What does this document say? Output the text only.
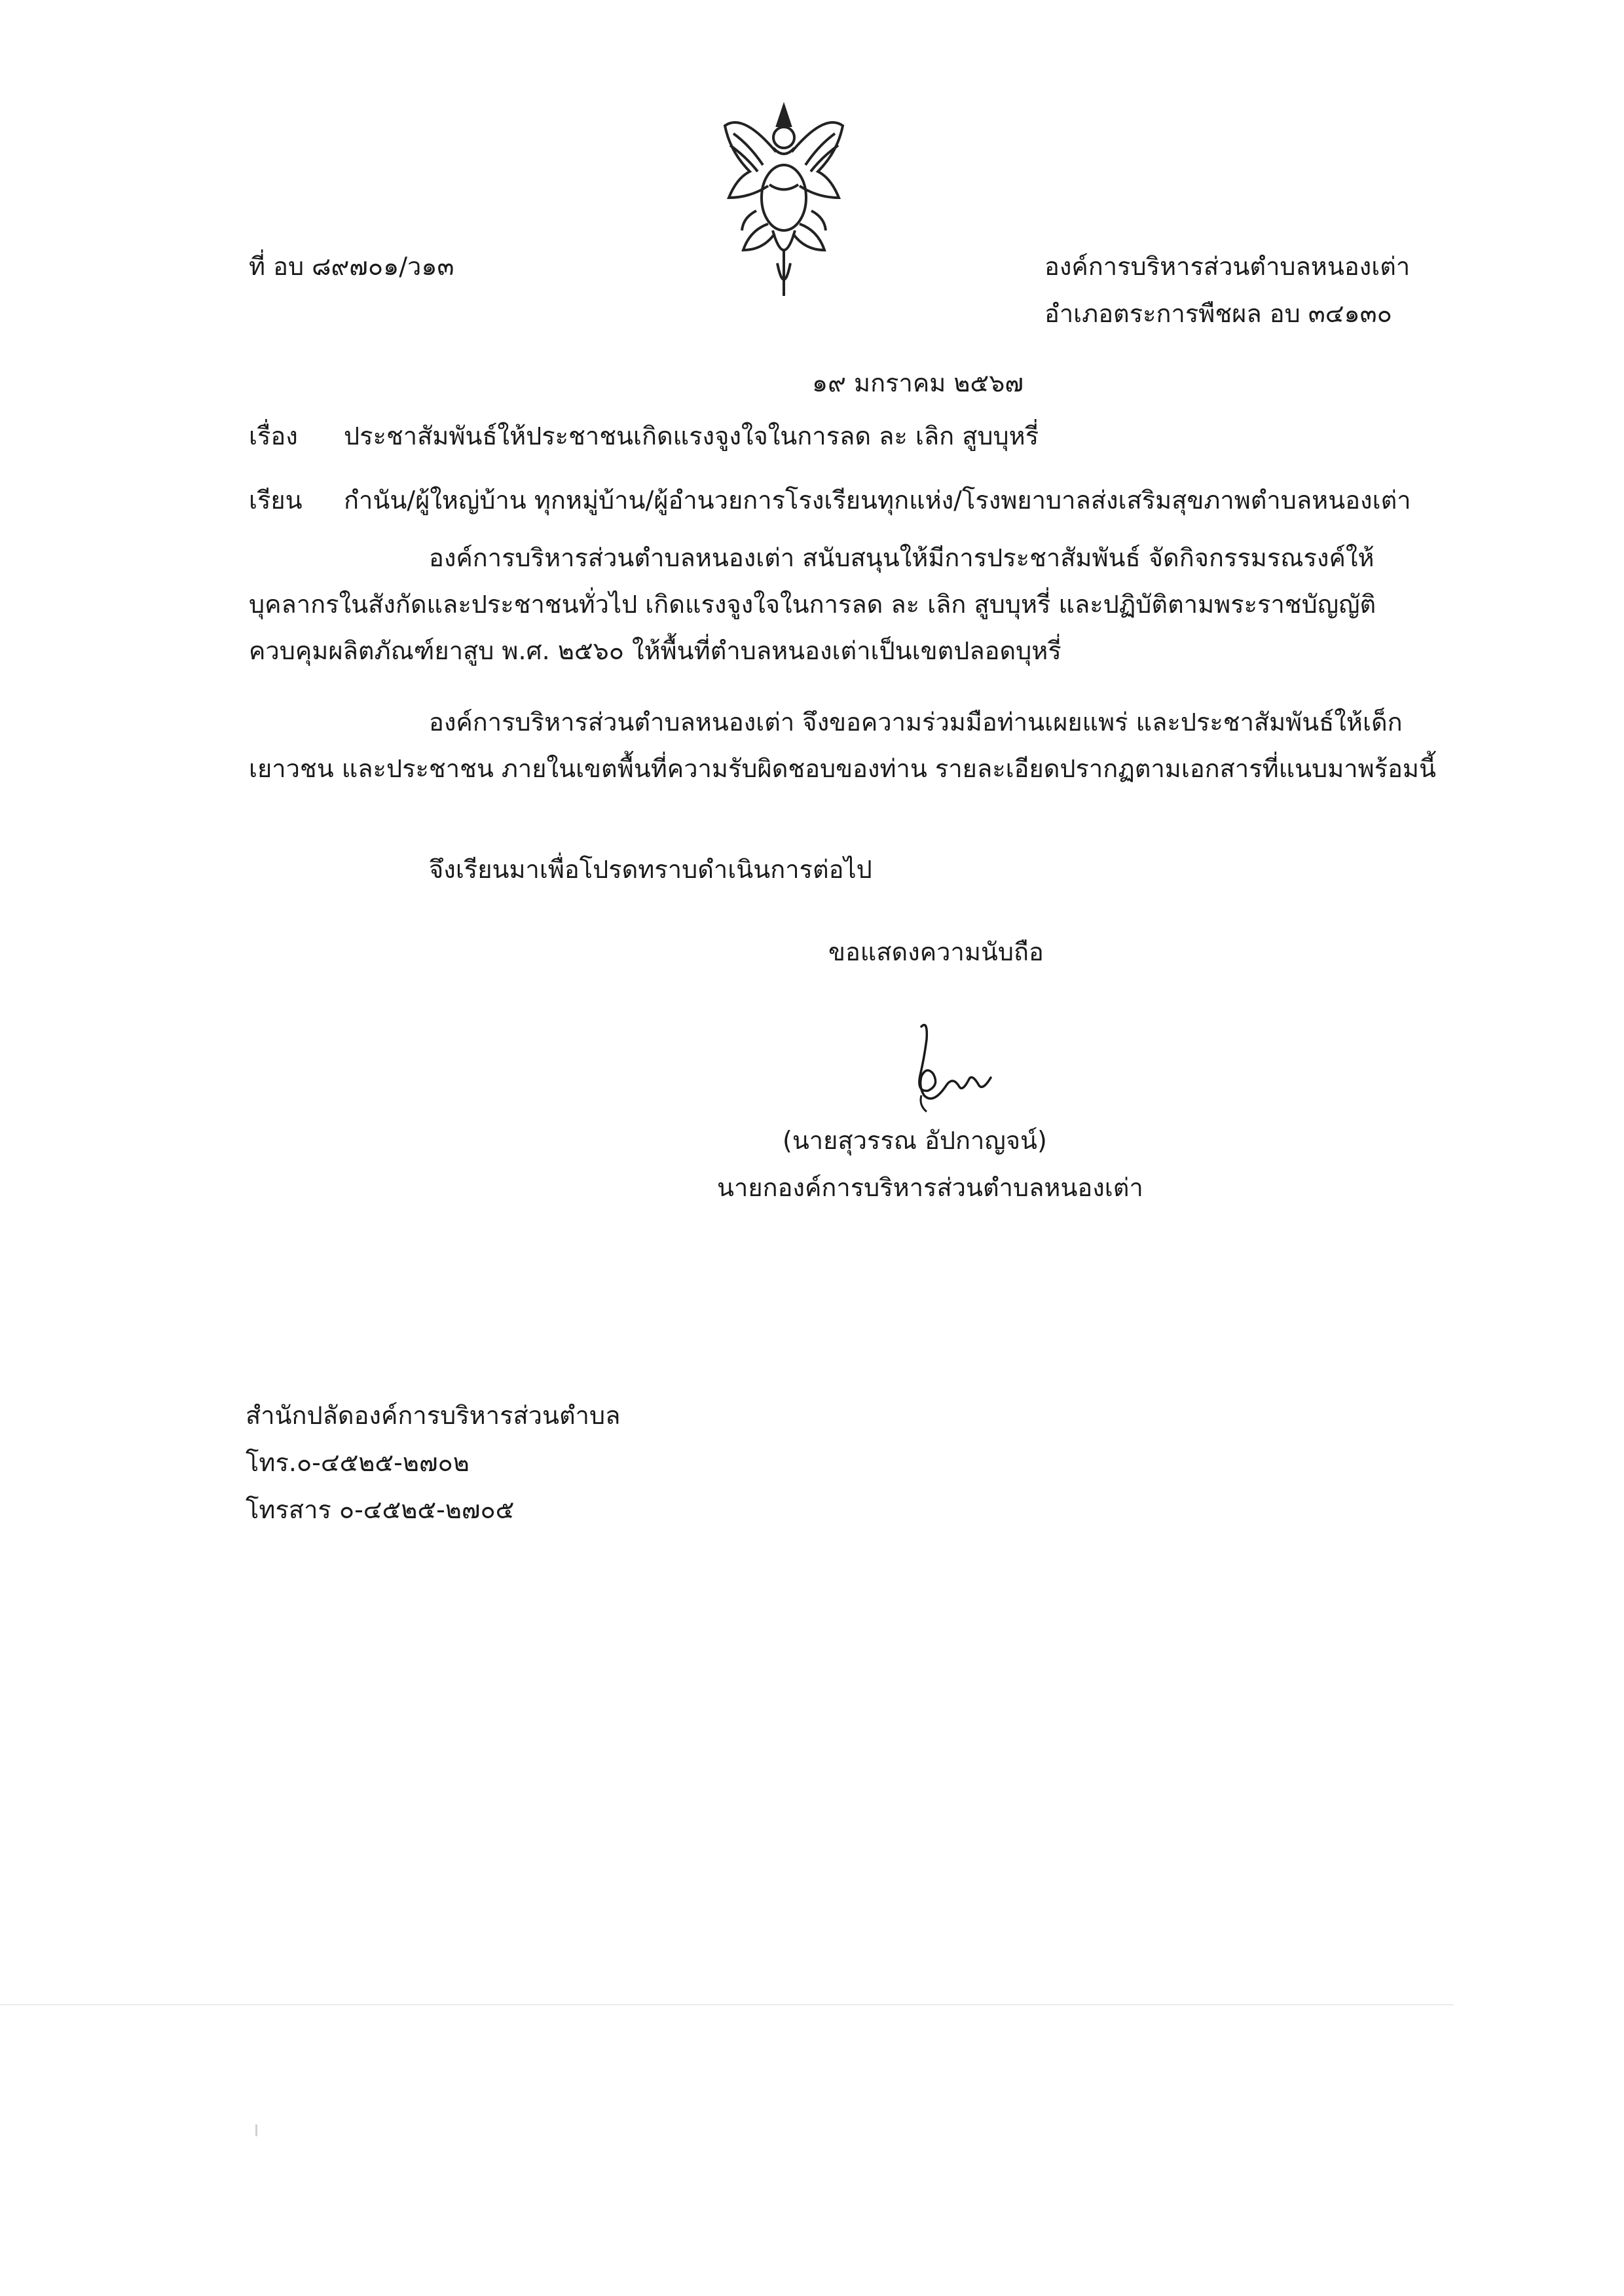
ที่ อบ ๘๙๗๐๑/ว๑๓	องค์การบริหารส่วนตำบลหนองเต่า
อำเภอตระการพืชผล อบ ๓๔๑๓๐
๑๙ มกราคม ๒๕๖๗
เรื่อง ประชาสัมพันธ์ให้ประชาชนเกิดแรงจูงใจในการลด ละ เลิก สูบบุหรี่
เรียน กำนัน/ผู้ใหญ่บ้าน ทุกหมู่บ้าน/ผู้อำนวยการโรงเรียนทุกแห่ง/โรงพยาบาลส่งเสริมสุขภาพตำบลหนองเต่า
องค์การบริหารส่วนตำบลหนองเต่า สนับสนุนให้มีการประชาสัมพันธ์ จัดกิจกรรมรณรงค์ให้บุคลากรในสังกัดและประชาชนทั่วไป เกิดแรงจูงใจในการลด ละ เลิก สูบบุหรี่ และปฏิบัติตามพระราชบัญญัติควบคุมผลิตภัณฑ์ยาสูบ พ.ศ. ๒๕๖๐ ให้พื้นที่ตำบลหนองเต่าเป็นเขตปลอดบุหรี่
องค์การบริหารส่วนตำบลหนองเต่า จึงขอความร่วมมือท่านเผยแพร่ และประชาสัมพันธ์ให้เด็กเยาวชน และประชาชน ภายในเขตพื้นที่ความรับผิดชอบของท่าน รายละเอียดปรากฏตามเอกสารที่แนบมาพร้อมนี้
จึงเรียนมาเพื่อโปรดทราบดำเนินการต่อไป
ขอแสดงความนับถือ
(นายสุวรรณ อัปกาญจน์)
นายกองค์การบริหารส่วนตำบลหนองเต่า
สำนักปลัดองค์การบริหารส่วนตำบล
โทร.๐-๔๕๒๕-๒๗๐๒
โทรสาร ๐-๔๕๒๕-๒๗๐๕
